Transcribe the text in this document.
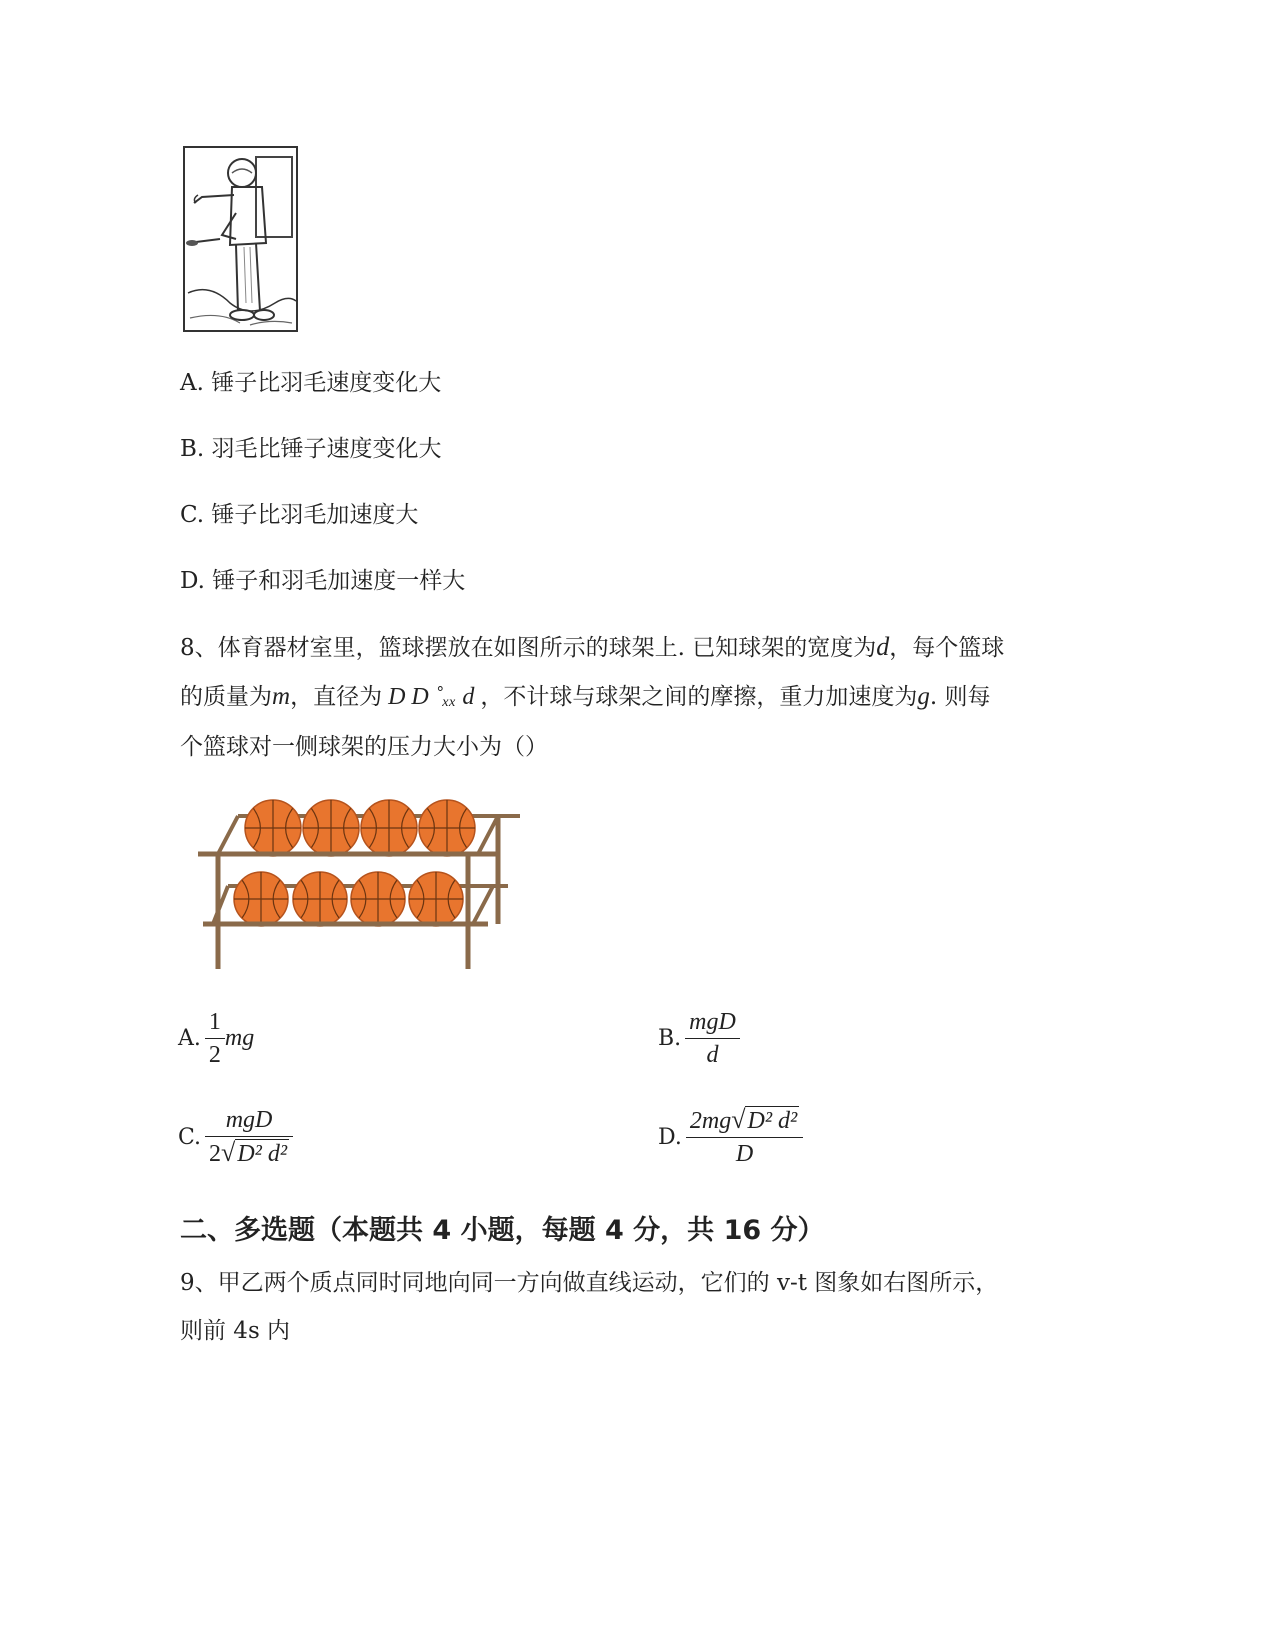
A. 锤子比羽毛速度变化大
B. 羽毛比锤子速度变化大
C. 锤子比羽毛加速度大
D. 锤子和羽毛加速度一样大
8、体育器材室里，篮球摆放在如图所示的球架上. 已知球架的宽度为d，每个篮球
的质量为m，直径为 D D ˚ₓₓ d ，不计球与球架之间的摩擦，重力加速度为g. 则每
个篮球对一侧球架的压力大小为（）
A. $\frac{1}{2}$ mg	B. $\frac{\text{mgD}}{d}$
C. $\frac{\text{mgD}}{\text{2√D² d²}}$	D. $\frac{\text{2mg√D² d²}}{D}$
二、多选题（本题共 4 小题，每题 4 分，共 16 分）
9、甲乙两个质点同时同地向同一方向做直线运动，它们的 v-t 图象如右图所示，
则前 4s 内
